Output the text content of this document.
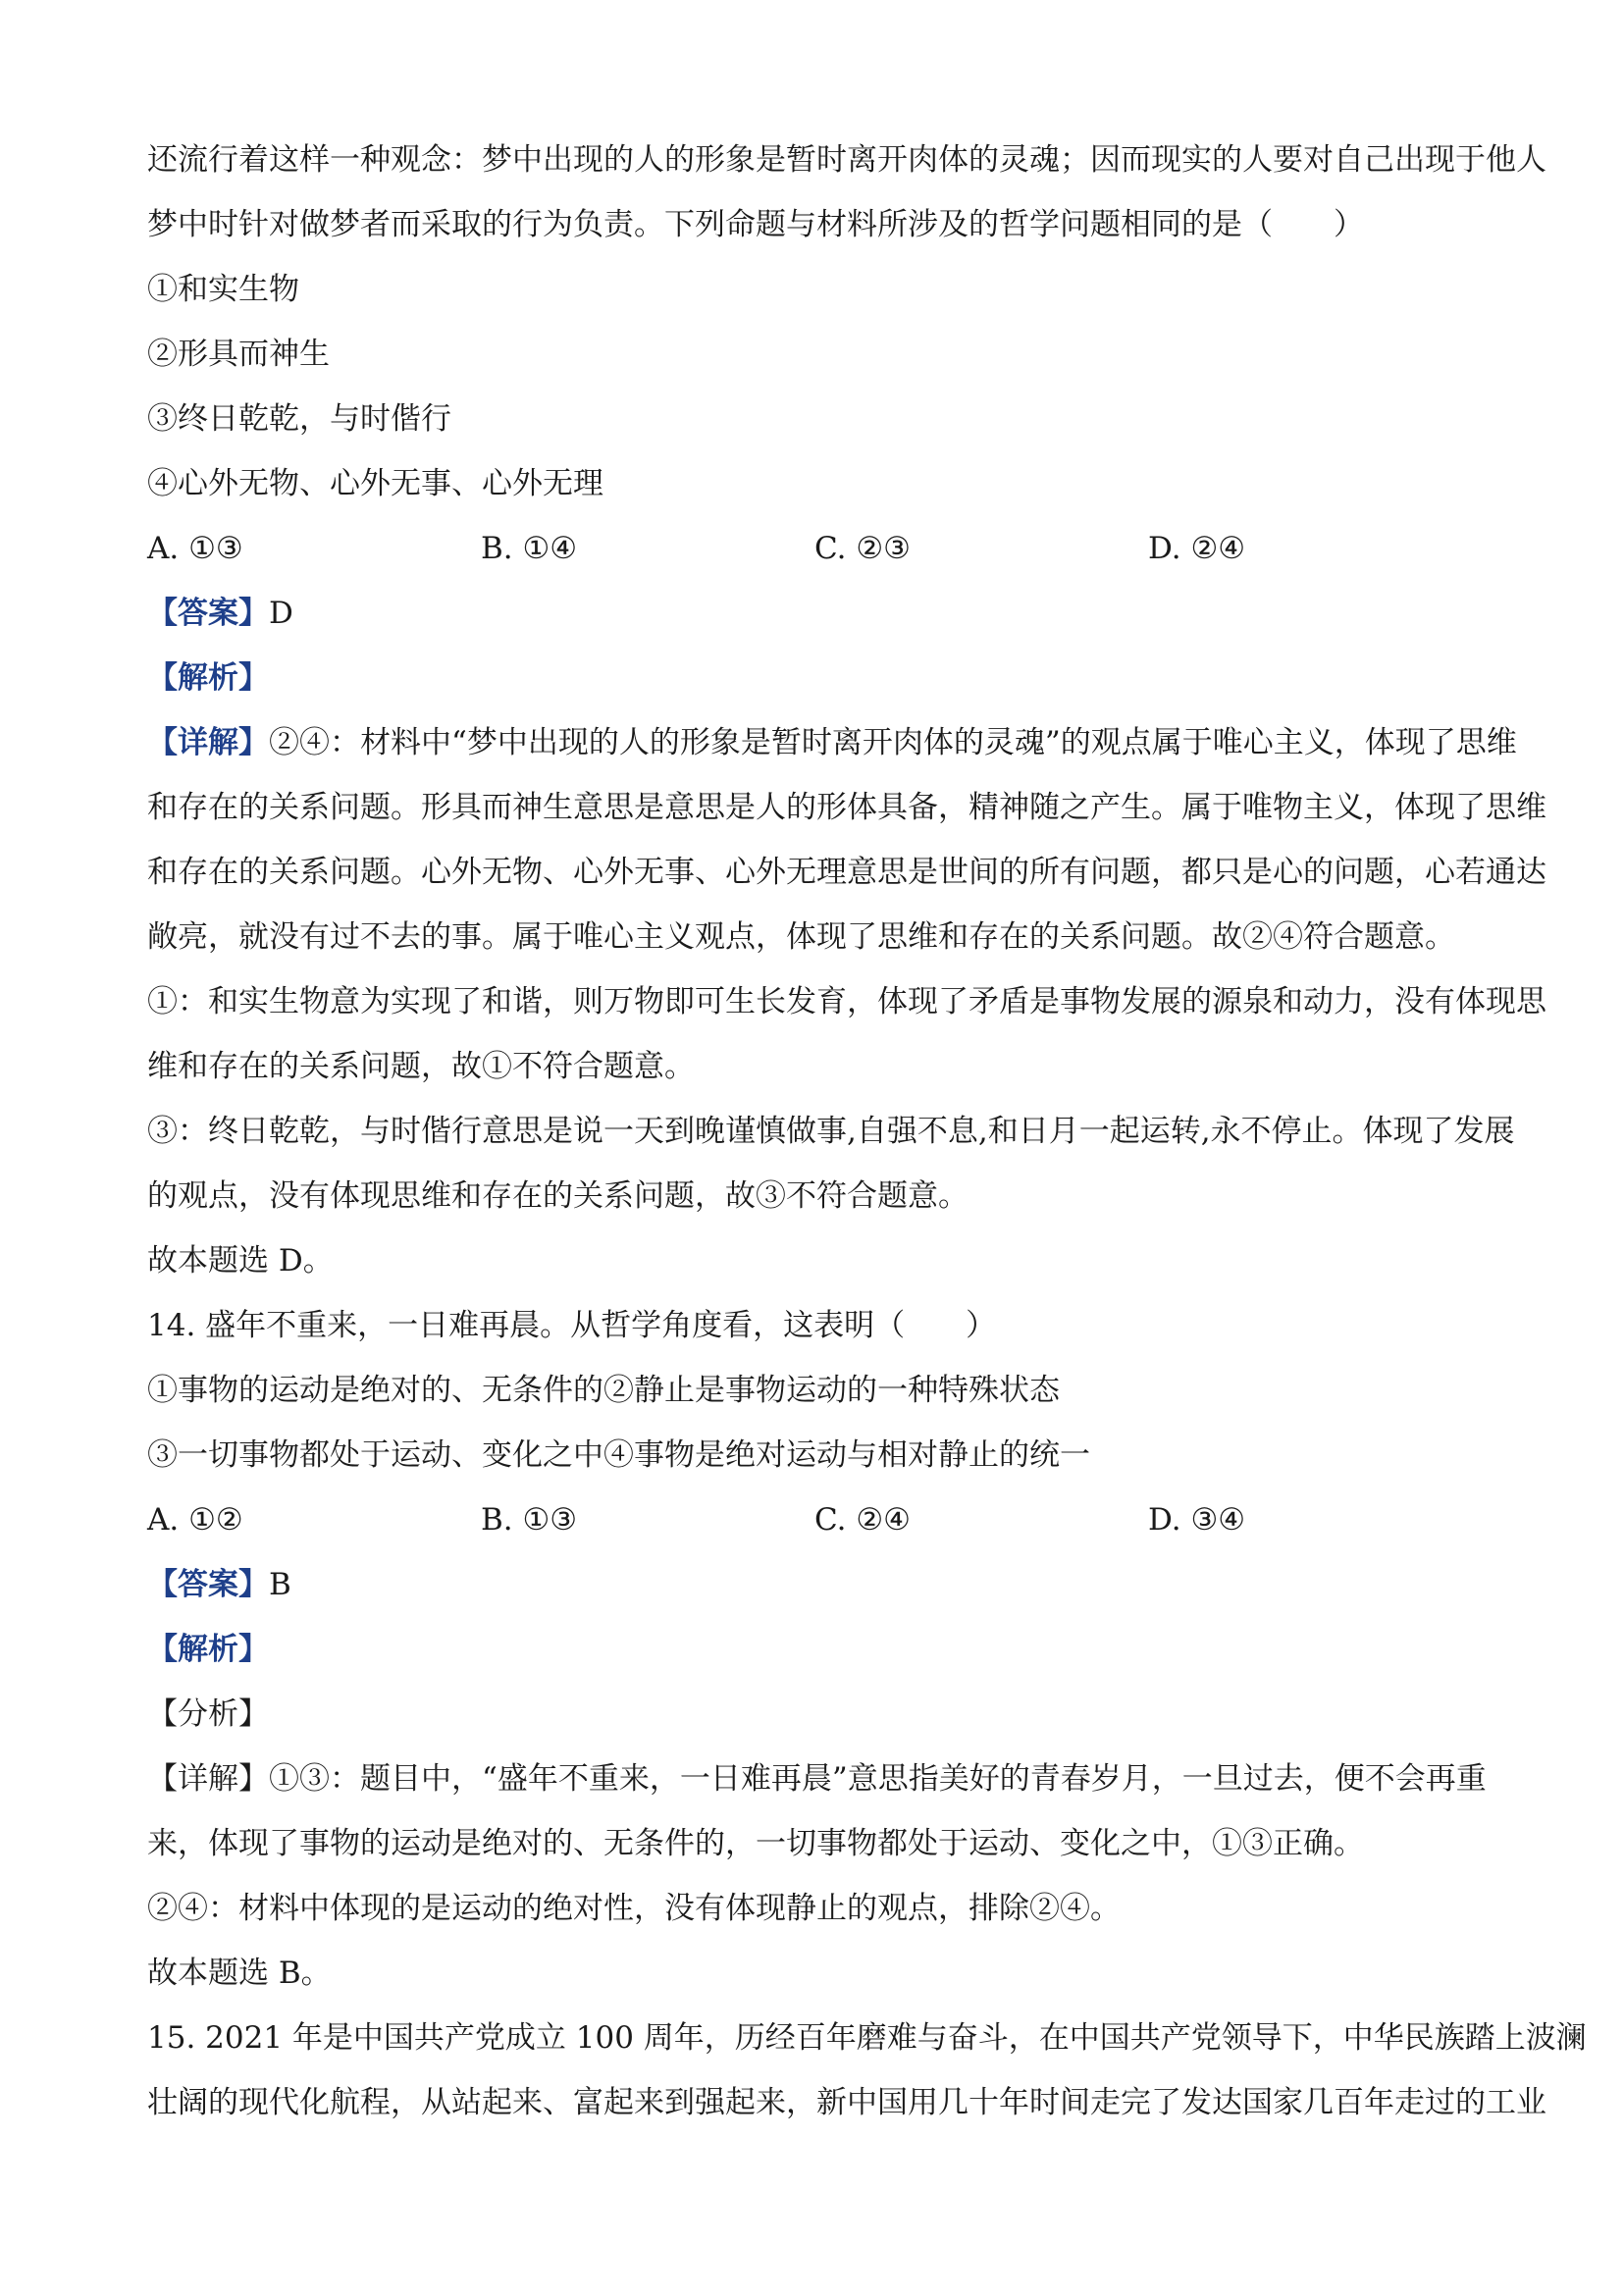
还流行着这样一种观念：梦中出现的人的形象是暂时离开肉体的灵魂；因而现实的人要对自己出现于他人
梦中时针对做梦者而采取的行为负责。下列命题与材料所涉及的哲学问题相同的是（　　）
①和实生物
②形具而神生
③终日乾乾，与时偕行
④心外无物、心外无事、心外无理
A. ①③	B. ①④	C. ②③	D. ②④
【答案】D
【解析】
【详解】②④：材料中“梦中出现的人的形象是暂时离开肉体的灵魂”的观点属于唯心主义，体现了思维
和存在的关系问题。形具而神生意思是意思是人的形体具备，精神随之产生。属于唯物主义，体现了思维
和存在的关系问题。心外无物、心外无事、心外无理意思是世间的所有问题，都只是心的问题，心若通达
敞亮，就没有过不去的事。属于唯心主义观点，体现了思维和存在的关系问题。故②④符合题意。
①：和实生物意为实现了和谐，则万物即可生长发育，体现了矛盾是事物发展的源泉和动力，没有体现思
维和存在的关系问题，故①不符合题意。
③：终日乾乾，与时偕行意思是说一天到晚谨慎做事,自强不息,和日月一起运转,永不停止。体现了发展
的观点，没有体现思维和存在的关系问题，故③不符合题意。
故本题选 D。
14. 盛年不重来，一日难再晨。从哲学角度看，这表明（　　）
①事物的运动是绝对的、无条件的②静止是事物运动的一种特殊状态
③一切事物都处于运动、变化之中④事物是绝对运动与相对静止的统一
A. ①②	B. ①③	C. ②④	D. ③④
【答案】B
【解析】
【分析】
【详解】①③：题目中，“盛年不重来，一日难再晨”意思指美好的青春岁月，一旦过去，便不会再重
来，体现了事物的运动是绝对的、无条件的，一切事物都处于运动、变化之中，①③正确。
②④：材料中体现的是运动的绝对性，没有体现静止的观点，排除②④。
故本题选 B。
15. 2021 年是中国共产党成立 100 周年，历经百年磨难与奋斗，在中国共产党领导下，中华民族踏上波澜
壮阔的现代化航程，从站起来、富起来到强起来，新中国用几十年时间走完了发达国家几百年走过的工业
